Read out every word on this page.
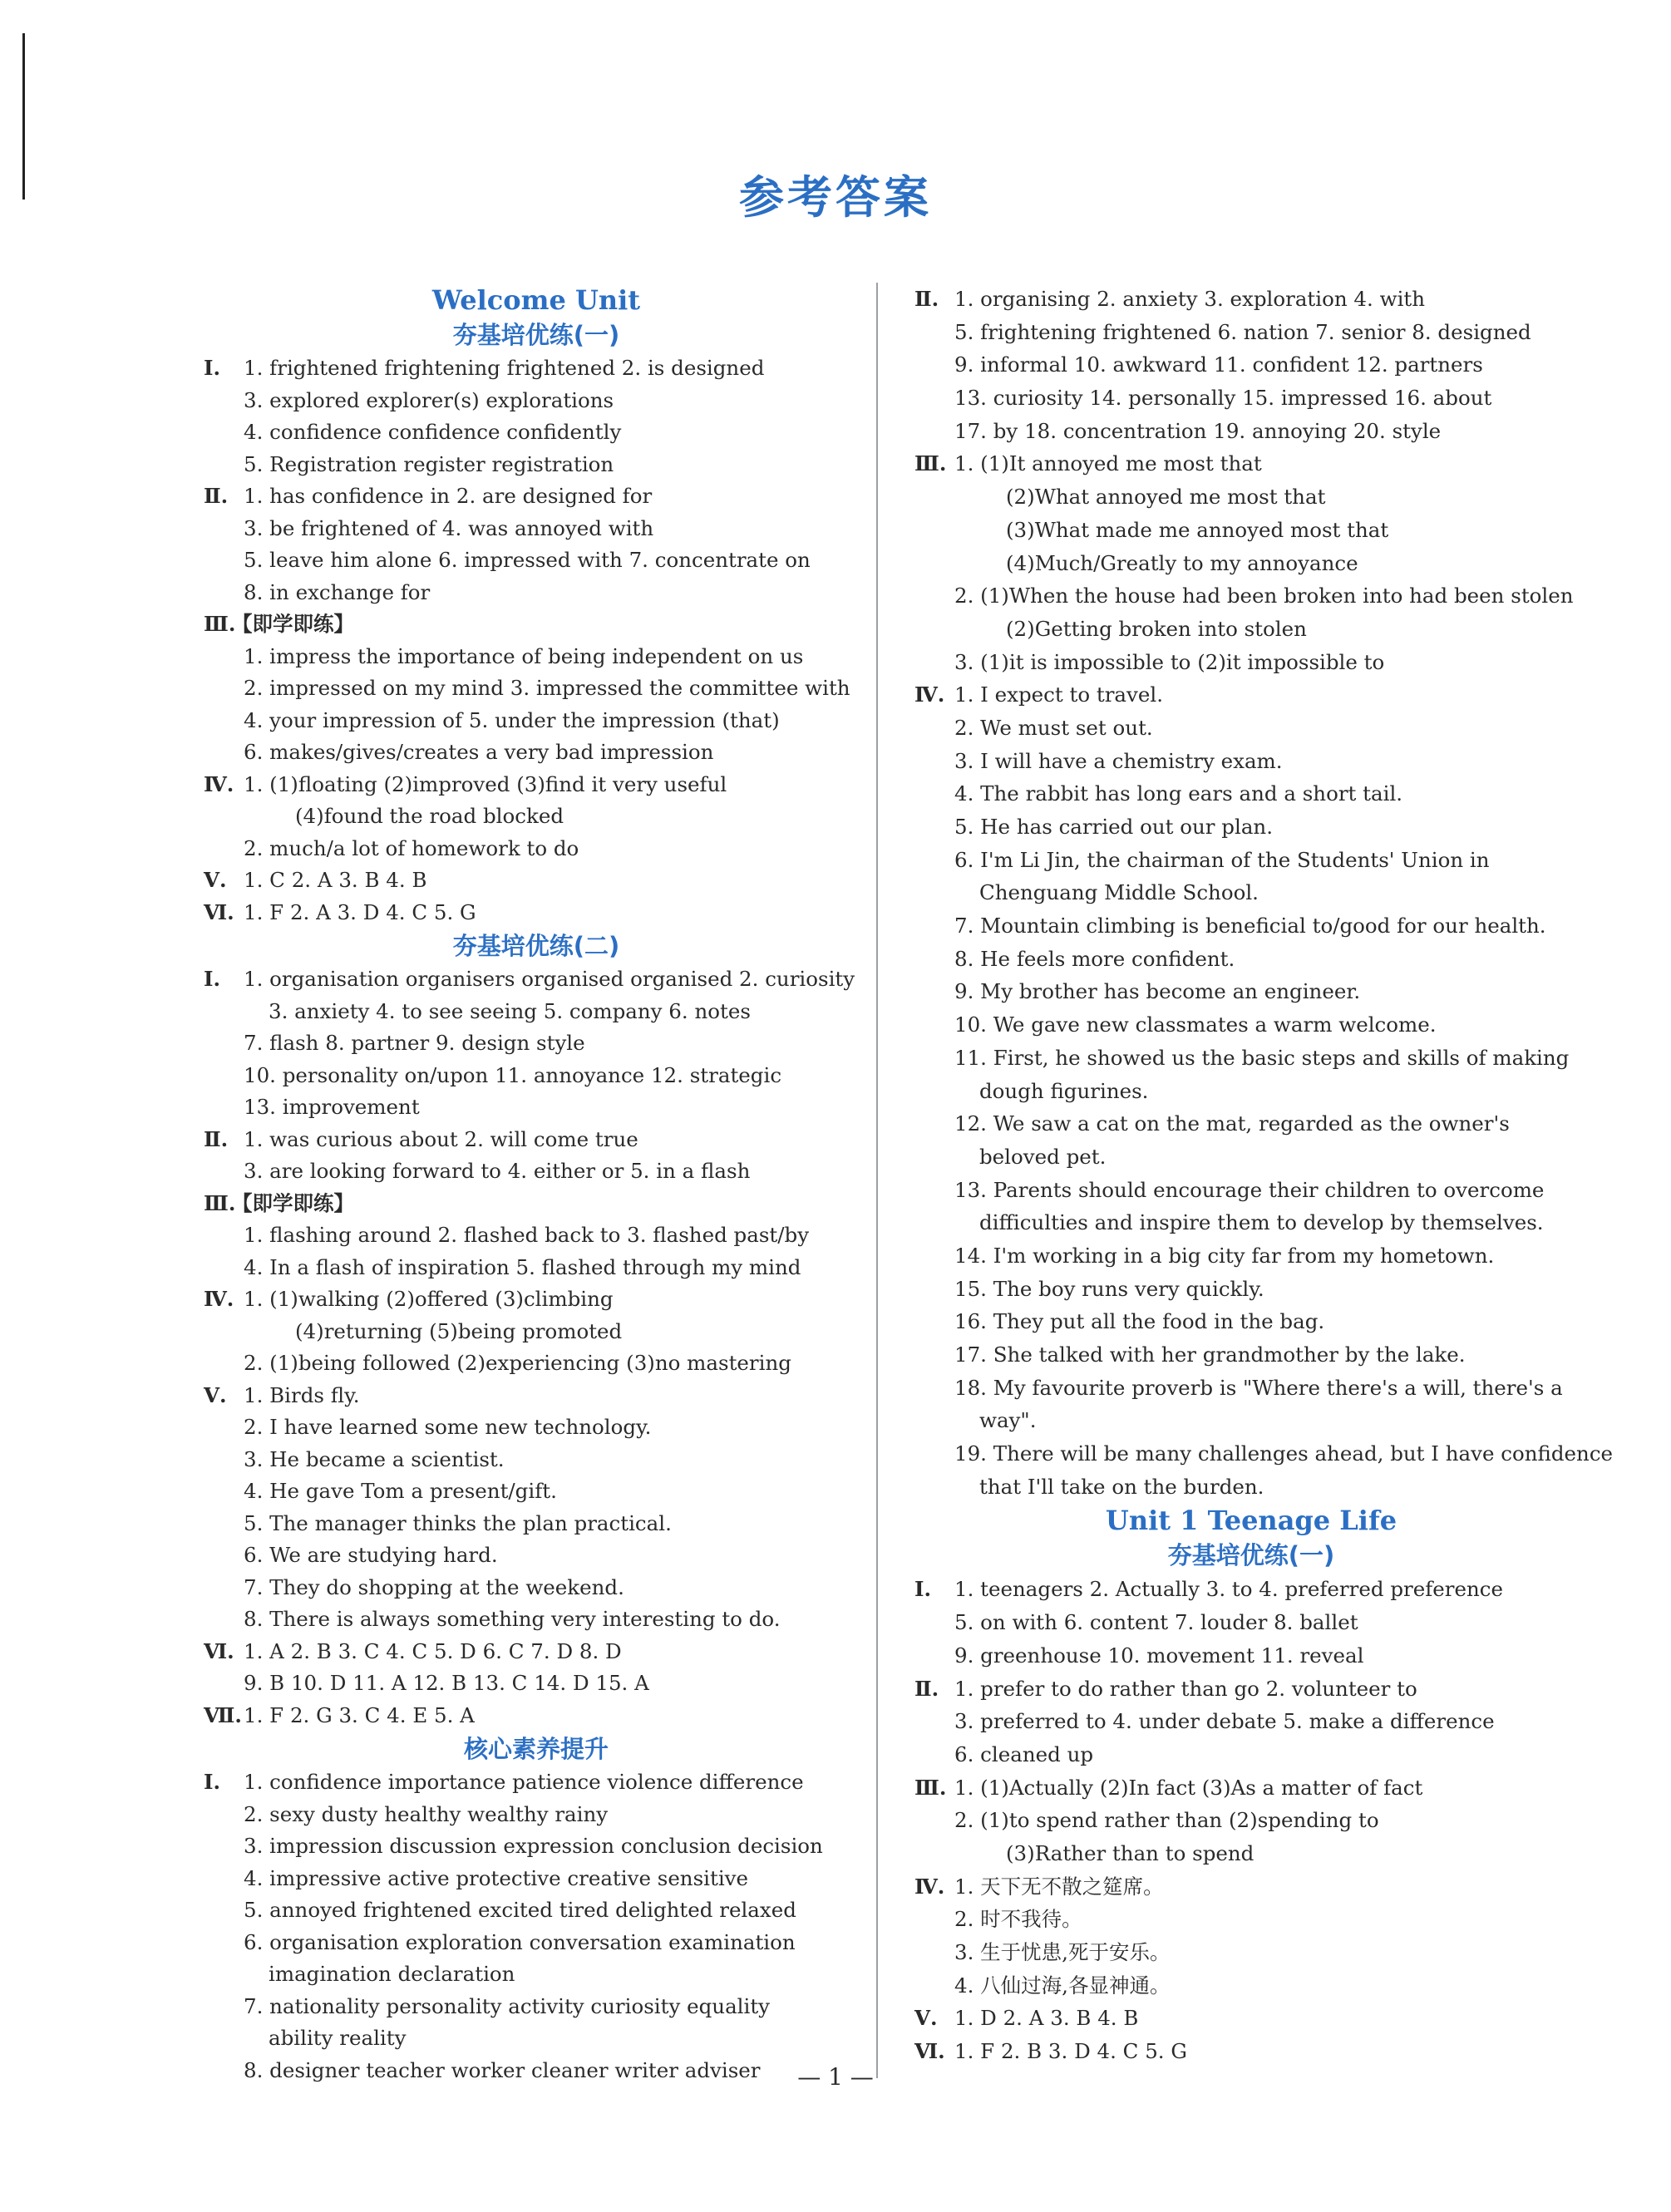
参考答案
Welcome Unit
夯基培优练(一)
Ⅰ. 1. frightened frightening frightened 2. is designed
3. explored explorer(s) explorations
4. confidence confidence confidently
5. Registration register registration
Ⅱ. 1. has confidence in 2. are designed for
3. be frightened of 4. was annoyed with
5. leave him alone 6. impressed with 7. concentrate on
8. in exchange for
Ⅲ.
【即学即练】
1. impress the importance of being independent on us
2. impressed on my mind 3. impressed the committee with
4. your impression of 5. under the impression (that)
6. makes/gives/creates a very bad impression
Ⅳ. 1. (1)floating (2)improved (3)find it very useful
(4)found the road blocked
2. much/a lot of homework to do
Ⅴ. 1. C 2. A 3. B 4. B
Ⅵ. 1. F 2. A 3. D 4. C 5. G
夯基培优练(二)
Ⅰ. 1. organisation organisers organised organised 2. curiosity
3. anxiety 4. to see seeing 5. company 6. notes
7. flash 8. partner 9. design style
10. personality on/upon 11. annoyance 12. strategic
13. improvement
Ⅱ. 1. was curious about 2. will come true
3. are looking forward to 4. either or 5. in a flash
Ⅲ.
【即学即练】
1. flashing around 2. flashed back to 3. flashed past/by
4. In a flash of inspiration 5. flashed through my mind
Ⅳ. 1. (1)walking (2)offered (3)climbing
(4)returning (5)being promoted
2. (1)being followed (2)experiencing (3)no mastering
Ⅴ. 1. Birds fly.
2. I have learned some new technology.
3. He became a scientist.
4. He gave Tom a present/gift.
5. The manager thinks the plan practical.
6. We are studying hard.
7. They do shopping at the weekend.
8. There is always something very interesting to do.
Ⅵ. 1. A 2. B 3. C 4. C 5. D 6. C 7. D 8. D
9. B 10. D 11. A 12. B 13. C 14. D 15. A
Ⅶ. 1. F 2. G 3. C 4. E 5. A
核心素养提升
Ⅰ. 1. confidence importance patience violence difference
2. sexy dusty healthy wealthy rainy
3. impression discussion expression conclusion decision
4. impressive active protective creative sensitive
5. annoyed frightened excited tired delighted relaxed
6. organisation exploration conversation examination
imagination declaration
7. nationality personality activity curiosity equality
ability reality
8. designer teacher worker cleaner writer adviser
Ⅱ. 1. organising 2. anxiety 3. exploration 4. with
5. frightening frightened 6. nation 7. senior 8. designed
9. informal 10. awkward 11. confident 12. partners
13. curiosity 14. personally 15. impressed 16. about
17. by 18. concentration 19. annoying 20. style
Ⅲ. 1. (1)It annoyed me most that
(2)What annoyed me most that
(3)What made me annoyed most that
(4)Much/Greatly to my annoyance
2. (1)When the house had been broken into had been stolen
(2)Getting broken into stolen
3. (1)it is impossible to (2)it impossible to
Ⅳ. 1. I expect to travel.
2. We must set out.
3. I will have a chemistry exam.
4. The rabbit has long ears and a short tail.
5. He has carried out our plan.
6. I'm Li Jin, the chairman of the Students' Union in
Chenguang Middle School.
7. Mountain climbing is beneficial to/good for our health.
8. He feels more confident.
9. My brother has become an engineer.
10. We gave new classmates a warm welcome.
11. First, he showed us the basic steps and skills of making
dough figurines.
12. We saw a cat on the mat, regarded as the owner's
beloved pet.
13. Parents should encourage their children to overcome
difficulties and inspire them to develop by themselves.
14. I'm working in a big city far from my hometown.
15. The boy runs very quickly.
16. They put all the food in the bag.
17. She talked with her grandmother by the lake.
18. My favourite proverb is "Where there's a will, there's a
way".
19. There will be many challenges ahead, but I have confidence
that I'll take on the burden.
Unit 1 Teenage Life
夯基培优练(一)
Ⅰ. 1. teenagers 2. Actually 3. to 4. preferred preference
5. on with 6. content 7. louder 8. ballet
9. greenhouse 10. movement 11. reveal
Ⅱ. 1. prefer to do rather than go 2. volunteer to
3. preferred to 4. under debate 5. make a difference
6. cleaned up
Ⅲ. 1. (1)Actually (2)In fact (3)As a matter of fact
2. (1)to spend rather than (2)spending to
(3)Rather than to spend
Ⅳ. 1. 天下无不散之筵席。
2. 时不我待。
3. 生于忧患,死于安乐。
4. 八仙过海,各显神通。
Ⅴ. 1. D 2. A 3. B 4. B
Ⅵ. 1. F 2. B 3. D 4. C 5. G
— 1 —
